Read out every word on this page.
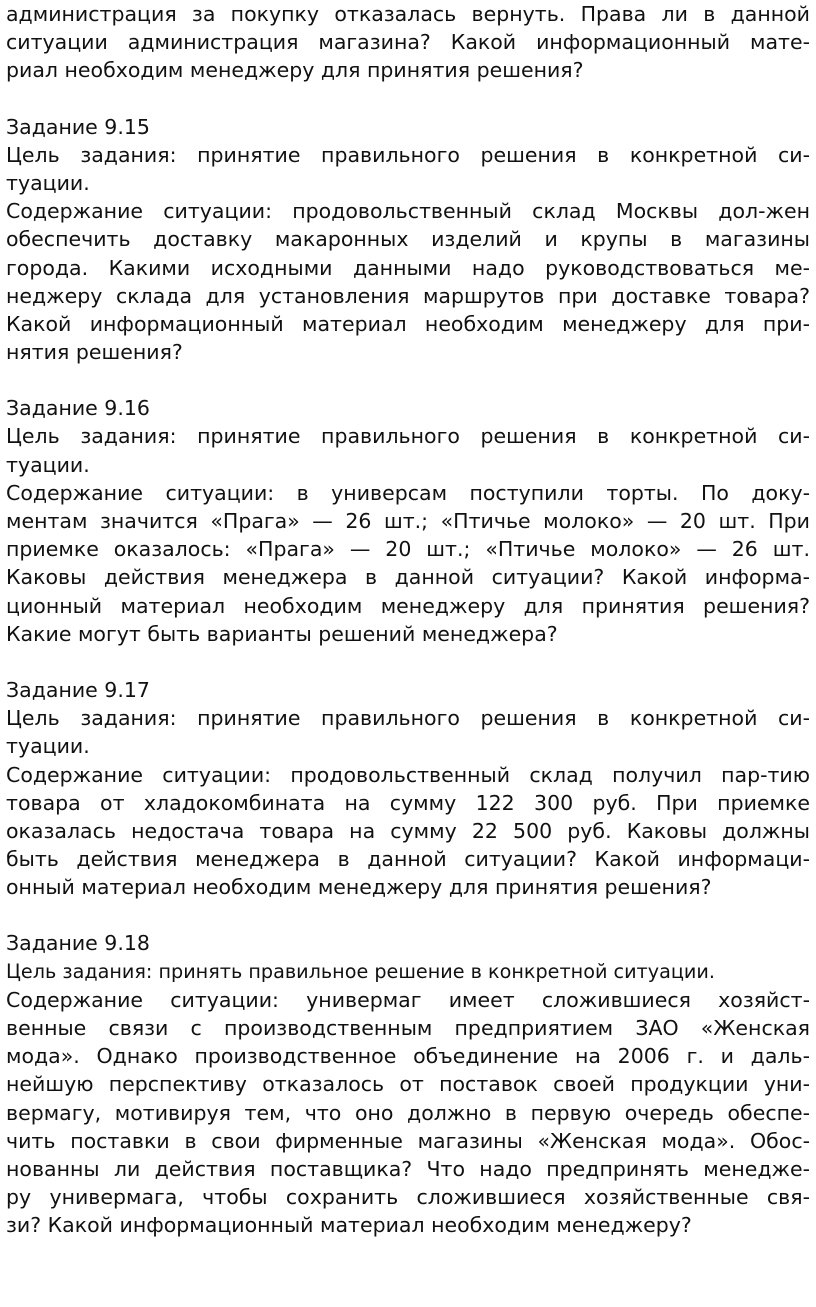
администрация за покупку отказалась вернуть. Права ли в данной
ситуации администрация магазина? Какой информационный мате-
риал необходим менеджеру для принятия решения?
Задание 9.15
Цель задания: принятие правильного решения в конкретной си-
туации.
Содержание ситуации: продовольственный склад Москвы дол-жен
обеспечить доставку макаронных изделий и крупы в магазины
города. Какими исходными данными надо руководствоваться ме-
неджеру склада для установления маршрутов при доставке товара?
Какой информационный материал необходим менеджеру для при-
нятия решения?
Задание 9.16
Цель задания: принятие правильного решения в конкретной си-
туации.
Содержание ситуации: в универсам поступили торты. По доку-
ментам значится «Прага» — 26 шт.; «Птичье молоко» — 20 шт. При
приемке оказалось: «Прага» — 20 шт.; «Птичье молоко» — 26 шт.
Каковы действия менеджера в данной ситуации? Какой информа-
ционный материал необходим менеджеру для принятия решения?
Какие могут быть варианты решений менеджера?
Задание 9.17
Цель задания: принятие правильного решения в конкретной си-
туации.
Содержание ситуации: продовольственный склад получил пар-тию
товара от хладокомбината на сумму 122 300 руб. При приемке
оказалась недостача товара на сумму 22 500 руб. Каковы должны
быть действия менеджера в данной ситуации? Какой информаци-
онный материал необходим менеджеру для принятия решения?
Задание 9.18
Цель задания: принять правильное решение в конкретной ситуации.
Содержание ситуации: универмаг имеет сложившиеся хозяйст-
венные связи с производственным предприятием ЗАО «Женская
мода». Однако производственное объединение на 2006 г. и даль-
нейшую перспективу отказалось от поставок своей продукции уни-
вермагу, мотивируя тем, что оно должно в первую очередь обеспе-
чить поставки в свои фирменные магазины «Женская мода». Обос-
нованны ли действия поставщика? Что надо предпринять менедже-
ру универмага, чтобы сохранить сложившиеся хозяйственные свя-
зи? Какой информационный материал необходим менеджеру?
